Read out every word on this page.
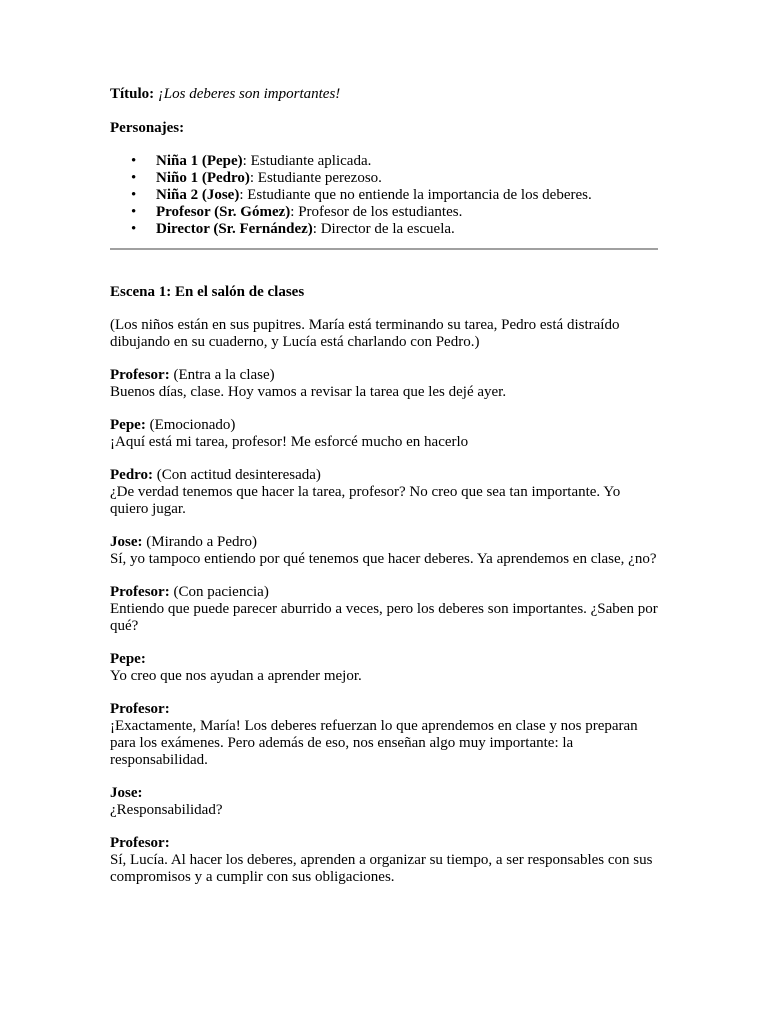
Título: ¡Los deberes son importantes!

Personajes:

• Niña 1 (Pepe): Estudiante aplicada.
• Niño 1 (Pedro): Estudiante perezoso.
• Niña 2 (Jose): Estudiante que no entiende la importancia de los deberes.
• Profesor (Sr. Gómez): Profesor de los estudiantes.
• Director (Sr. Fernández): Director de la escuela.

Escena 1: En el salón de clases

(Los niños están en sus pupitres. María está terminando su tarea, Pedro está distraído dibujando en su cuaderno, y Lucía está charlando con Pedro.)

Profesor: (Entra a la clase)

Buenos días, clase. Hoy vamos a revisar la tarea que les dejé ayer.

Pepe: (Emocionado)

¡Aquí está mi tarea, profesor! Me esforcé mucho en hacerlo

Pedro: (Con actitud desinteresada)

¿De verdad tenemos que hacer la tarea, profesor? No creo que sea tan importante. Yo quiero jugar.

Jose: (Mirando a Pedro)

Sí, yo tampoco entiendo por qué tenemos que hacer deberes. Ya aprendemos en clase, ¿no?

Profesor: (Con paciencia)

Entiendo que puede parecer aburrido a veces, pero los deberes son importantes. ¿Saben por qué?

Pepe:

Yo creo que nos ayudan a aprender mejor.

Profesor:

¡Exactamente, María! Los deberes refuerzan lo que aprendemos en clase y nos preparan para los exámenes. Pero además de eso, nos enseñan algo muy importante: la responsabilidad.

Jose:

¿Responsabilidad?

Profesor:

Sí, Lucía. Al hacer los deberes, aprenden a organizar su tiempo, a ser responsables con sus compromisos y a cumplir con sus obligaciones.
